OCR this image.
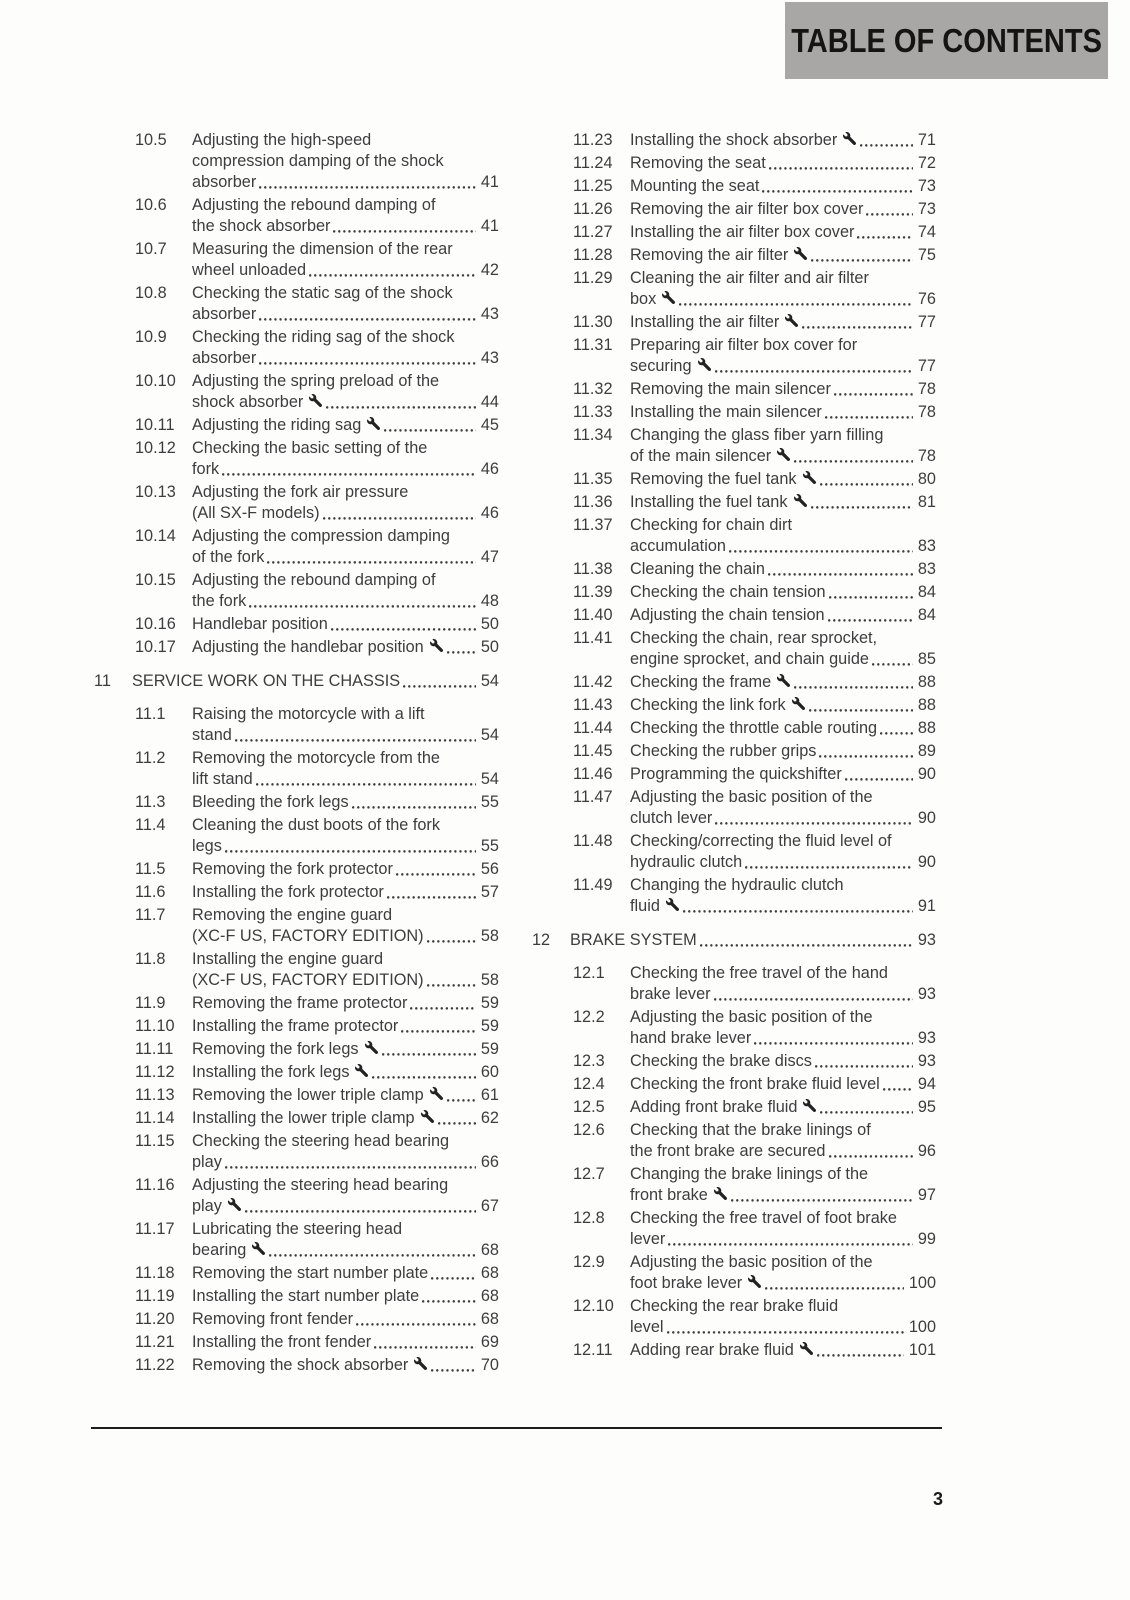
TABLE OF CONTENTS
10.5 Adjusting the high-speed
compression damping of the shock
absorber	41
10.6 Adjusting the rebound damping of
the shock absorber	41
10.7 Measuring the dimension of the rear
wheel unloaded	42
10.8 Checking the static sag of the shock
absorber	43
10.9 Checking the riding sag of the shock
absorber	43
10.10 Adjusting the spring preload of the
shock absorber	44
10.11 Adjusting the riding sag	45
10.12 Checking the basic setting of the
fork	46
10.13 Adjusting the fork air pressure
(All SX-F models)	46
10.14 Adjusting the compression damping
of the fork	47
10.15 Adjusting the rebound damping of
the fork	48
10.16 Handlebar position	50
10.17 Adjusting the handlebar position	50
11 SERVICE WORK ON THE CHASSIS	54
11.1 Raising the motorcycle with a lift
stand	54
11.2 Removing the motorcycle from the
lift stand	54
11.3 Bleeding the fork legs	55
11.4 Cleaning the dust boots of the fork
legs	55
11.5 Removing the fork protector	56
11.6 Installing the fork protector	57
11.7 Removing the engine guard
(XC-F US, FACTORY EDITION)	58
11.8 Installing the engine guard
(XC-F US, FACTORY EDITION)	58
11.9 Removing the frame protector	59
11.10 Installing the frame protector	59
11.11 Removing the fork legs	59
11.12 Installing the fork legs	60
11.13 Removing the lower triple clamp	61
11.14 Installing the lower triple clamp	62
11.15 Checking the steering head bearing
play	66
11.16 Adjusting the steering head bearing
play	67
11.17 Lubricating the steering head
bearing	68
11.18 Removing the start number plate	68
11.19 Installing the start number plate	68
11.20 Removing front fender	68
11.21 Installing the front fender	69
11.22 Removing the shock absorber	70
11.23 Installing the shock absorber	71
11.24 Removing the seat	72
11.25 Mounting the seat	73
11.26 Removing the air filter box cover	73
11.27 Installing the air filter box cover	74
11.28 Removing the air filter	75
11.29 Cleaning the air filter and air filter
box	76
11.30 Installing the air filter	77
11.31 Preparing air filter box cover for
securing	77
11.32 Removing the main silencer	78
11.33 Installing the main silencer	78
11.34 Changing the glass fiber yarn filling
of the main silencer	78
11.35 Removing the fuel tank	80
11.36 Installing the fuel tank	81
11.37 Checking for chain dirt
accumulation	83
11.38 Cleaning the chain	83
11.39 Checking the chain tension	84
11.40 Adjusting the chain tension	84
11.41 Checking the chain, rear sprocket,
engine sprocket, and chain guide	85
11.42 Checking the frame	88
11.43 Checking the link fork	88
11.44 Checking the throttle cable routing	88
11.45 Checking the rubber grips	89
11.46 Programming the quickshifter	90
11.47 Adjusting the basic position of the
clutch lever	90
11.48 Checking/correcting the fluid level of
hydraulic clutch	90
11.49 Changing the hydraulic clutch
fluid	91
12 BRAKE SYSTEM	93
12.1 Checking the free travel of the hand
brake lever	93
12.2 Adjusting the basic position of the
hand brake lever	93
12.3 Checking the brake discs	93
12.4 Checking the front brake fluid level	94
12.5 Adding front brake fluid	95
12.6 Checking that the brake linings of
the front brake are secured	96
12.7 Changing the brake linings of the
front brake	97
12.8 Checking the free travel of foot brake
lever	99
12.9 Adjusting the basic position of the
foot brake lever	100
12.10 Checking the rear brake fluid
level	100
12.11 Adding rear brake fluid	101
3
